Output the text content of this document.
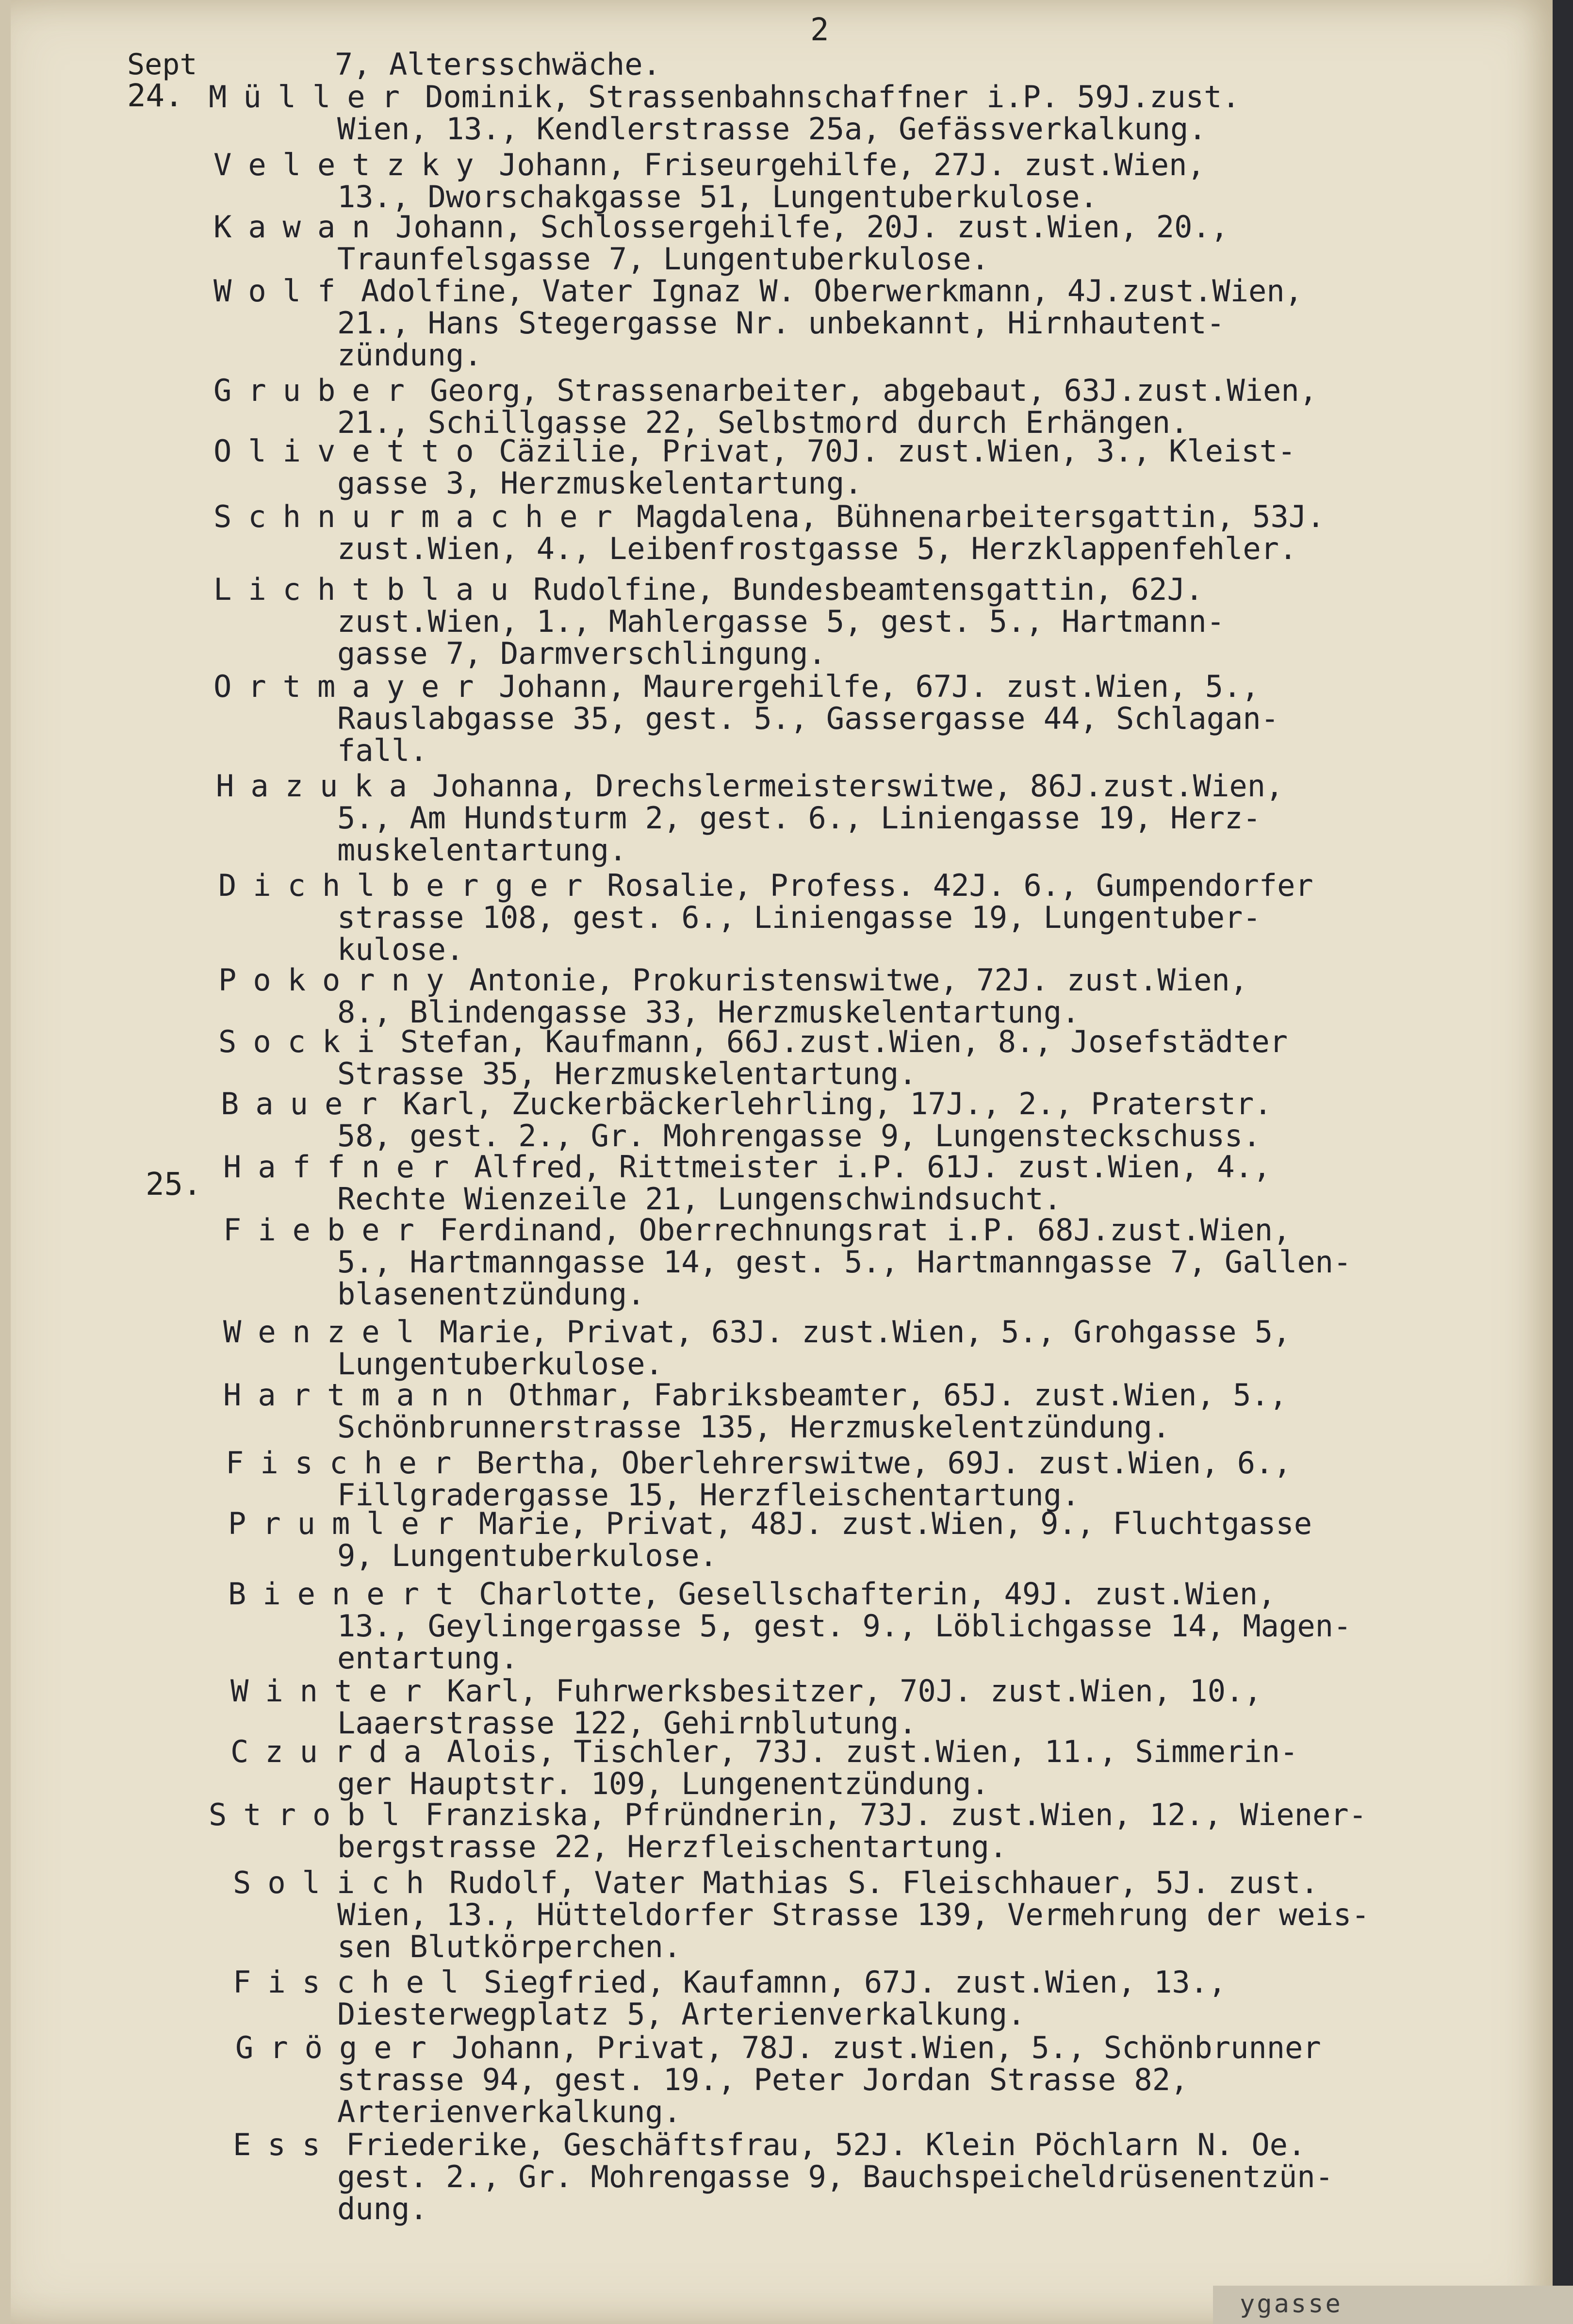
ygasse
2
Sept
24.
25.
7, Altersschwäche.
Müller Dominik, Strassenbahnschaffner i.P. 59J.zust.
Wien, 13., Kendlerstrasse 25a, Gefässverkalkung.
Veletzky Johann, Friseurgehilfe, 27J. zust.Wien,
13., Dworschakgasse 51, Lungentuberkulose.
Kawan Johann, Schlossergehilfe, 20J. zust.Wien, 20.,
Traunfelsgasse 7, Lungentuberkulose.
Wolf Adolfine, Vater Ignaz W. Oberwerkmann, 4J.zust.Wien,
21., Hans Stegergasse Nr. unbekannt, Hirnhautent-
zündung.
Gruber Georg, Strassenarbeiter, abgebaut, 63J.zust.Wien,
21., Schillgasse 22, Selbstmord durch Erhängen.
Olivetto Cäzilie, Privat, 70J. zust.Wien, 3., Kleist-
gasse 3, Herzmuskelentartung.
Schnurmacher Magdalena, Bühnenarbeitersgattin, 53J.
zust.Wien, 4., Leibenfrostgasse 5, Herzklappenfehler.
Lichtblau Rudolfine, Bundesbeamtensgattin, 62J.
zust.Wien, 1., Mahlergasse 5, gest. 5., Hartmann-
gasse 7, Darmverschlingung.
Ortmayer Johann, Maurergehilfe, 67J. zust.Wien, 5.,
Rauslabgasse 35, gest. 5., Gassergasse 44, Schlagan-
fall.
Hazuka Johanna, Drechslermeisterswitwe, 86J.zust.Wien,
5., Am Hundsturm 2, gest. 6., Liniengasse 19, Herz-
muskelentartung.
Dichlberger Rosalie, Profess. 42J. 6., Gumpendorfer
strasse 108, gest. 6., Liniengasse 19, Lungentuber-
kulose.
Pokorny Antonie, Prokuristenswitwe, 72J. zust.Wien,
8., Blindengasse 33, Herzmuskelentartung.
Socki Stefan, Kaufmann, 66J.zust.Wien, 8., Josefstädter
Strasse 35, Herzmuskelentartung.
Bauer Karl, Zuckerbäckerlehrling, 17J., 2., Praterstr.
58, gest. 2., Gr. Mohrengasse 9, Lungensteckschuss.
Haffner Alfred, Rittmeister i.P. 61J. zust.Wien, 4.,
Rechte Wienzeile 21, Lungenschwindsucht.
Fieber Ferdinand, Oberrechnungsrat i.P. 68J.zust.Wien,
5., Hartmanngasse 14, gest. 5., Hartmanngasse 7, Gallen-
blasenentzündung.
Wenzel Marie, Privat, 63J. zust.Wien, 5., Grohgasse 5,
Lungentuberkulose.
Hartmann Othmar, Fabriksbeamter, 65J. zust.Wien, 5.,
Schönbrunnerstrasse 135, Herzmuskelentzündung.
Fischer Bertha, Oberlehrerswitwe, 69J. zust.Wien, 6.,
Fillgradergasse 15, Herzfleischentartung.
Prumler Marie, Privat, 48J. zust.Wien, 9., Fluchtgasse
9, Lungentuberkulose.
Bienert Charlotte, Gesellschafterin, 49J. zust.Wien,
13., Geylingergasse 5, gest. 9., Löblichgasse 14, Magen-
entartung.
Winter Karl, Fuhrwerksbesitzer, 70J. zust.Wien, 10.,
Laaerstrasse 122, Gehirnblutung.
Czurda Alois, Tischler, 73J. zust.Wien, 11., Simmerin-
ger Hauptstr. 109, Lungenentzündung.
Strobl Franziska, Pfründnerin, 73J. zust.Wien, 12., Wiener-
bergstrasse 22, Herzfleischentartung.
Solich Rudolf, Vater Mathias S. Fleischhauer, 5J. zust.
Wien, 13., Hütteldorfer Strasse 139, Vermehrung der weis-
sen Blutkörperchen.
Fischel Siegfried, Kaufamnn, 67J. zust.Wien, 13.,
Diesterwegplatz 5, Arterienverkalkung.
Gröger Johann, Privat, 78J. zust.Wien, 5., Schönbrunner
strasse 94, gest. 19., Peter Jordan Strasse 82,
Arterienverkalkung.
Ess Friederike, Geschäftsfrau, 52J. Klein Pöchlarn N. Oe.
gest. 2., Gr. Mohrengasse 9, Bauchspeicheldrüsenentzün-
dung.
